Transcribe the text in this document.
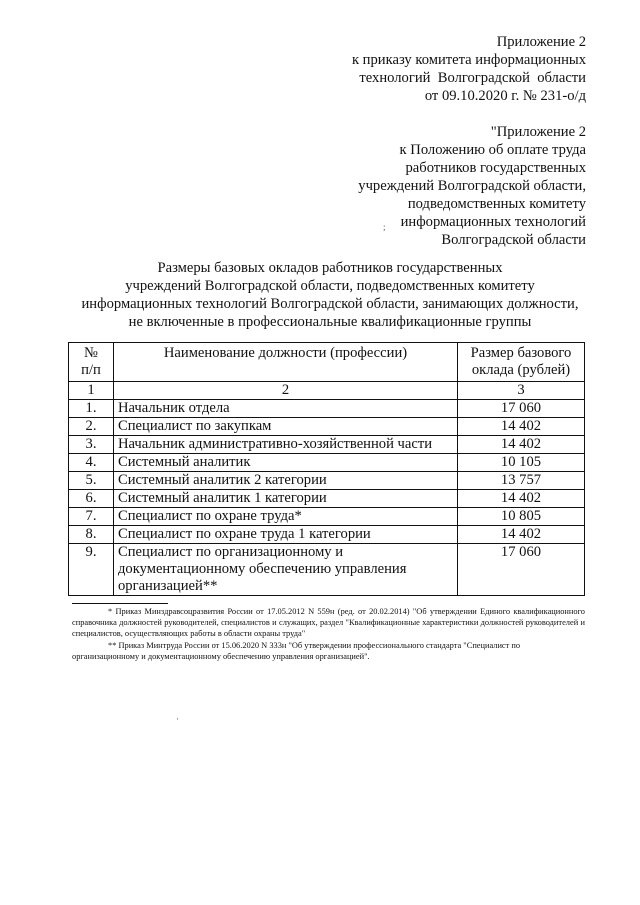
Приложение 2
к приказу комитета информационных
технологий  Волгоградской  области
от 09.10.2020 г. № 231-о/д
"Приложение 2
к Положению об оплате труда
работников государственных
учреждений Волгоградской области,
подведомственных комитету
информационных технологий
Волгоградской области
;
Размеры базовых окладов работников государственных
учреждений Волгоградской области, подведомственных комитету
информационных технологий Волгоградской области, занимающих должности,
не включенные в профессиональные квалификационные группы
№
п/п	Наименование должности (профессии)	Размер базового
оклада (рублей)
1	2	3
1.	Начальник отдела	17 060
2.	Специалист по закупкам	14 402
3.	Начальник административно-хозяйственной части	14 402
4.	Системный аналитик	10 105
5.	Системный аналитик 2 категории	13 757
6.	Системный аналитик 1 категории	14 402
7.	Специалист по охране труда*	10 805
8.	Специалист по охране труда 1 категории	14 402
9.	Специалист по организационному и документационному обеспечению управления организацией**	17 060
* Приказ Минздравсоцразвития России от 17.05.2012 N 559н (ред. от 20.02.2014) "Об утверждении Единого квалификационного справочника должностей руководителей, специалистов и служащих, раздел "Квалификационные характеристики должностей руководителей и специалистов, осуществляющих работы в области охраны труда"
** Приказ Минтруда России от 15.06.2020 N 333н "Об утверждении профессионального стандарта "Специалист по организационному и документационному обеспечению управления организацией".
·
